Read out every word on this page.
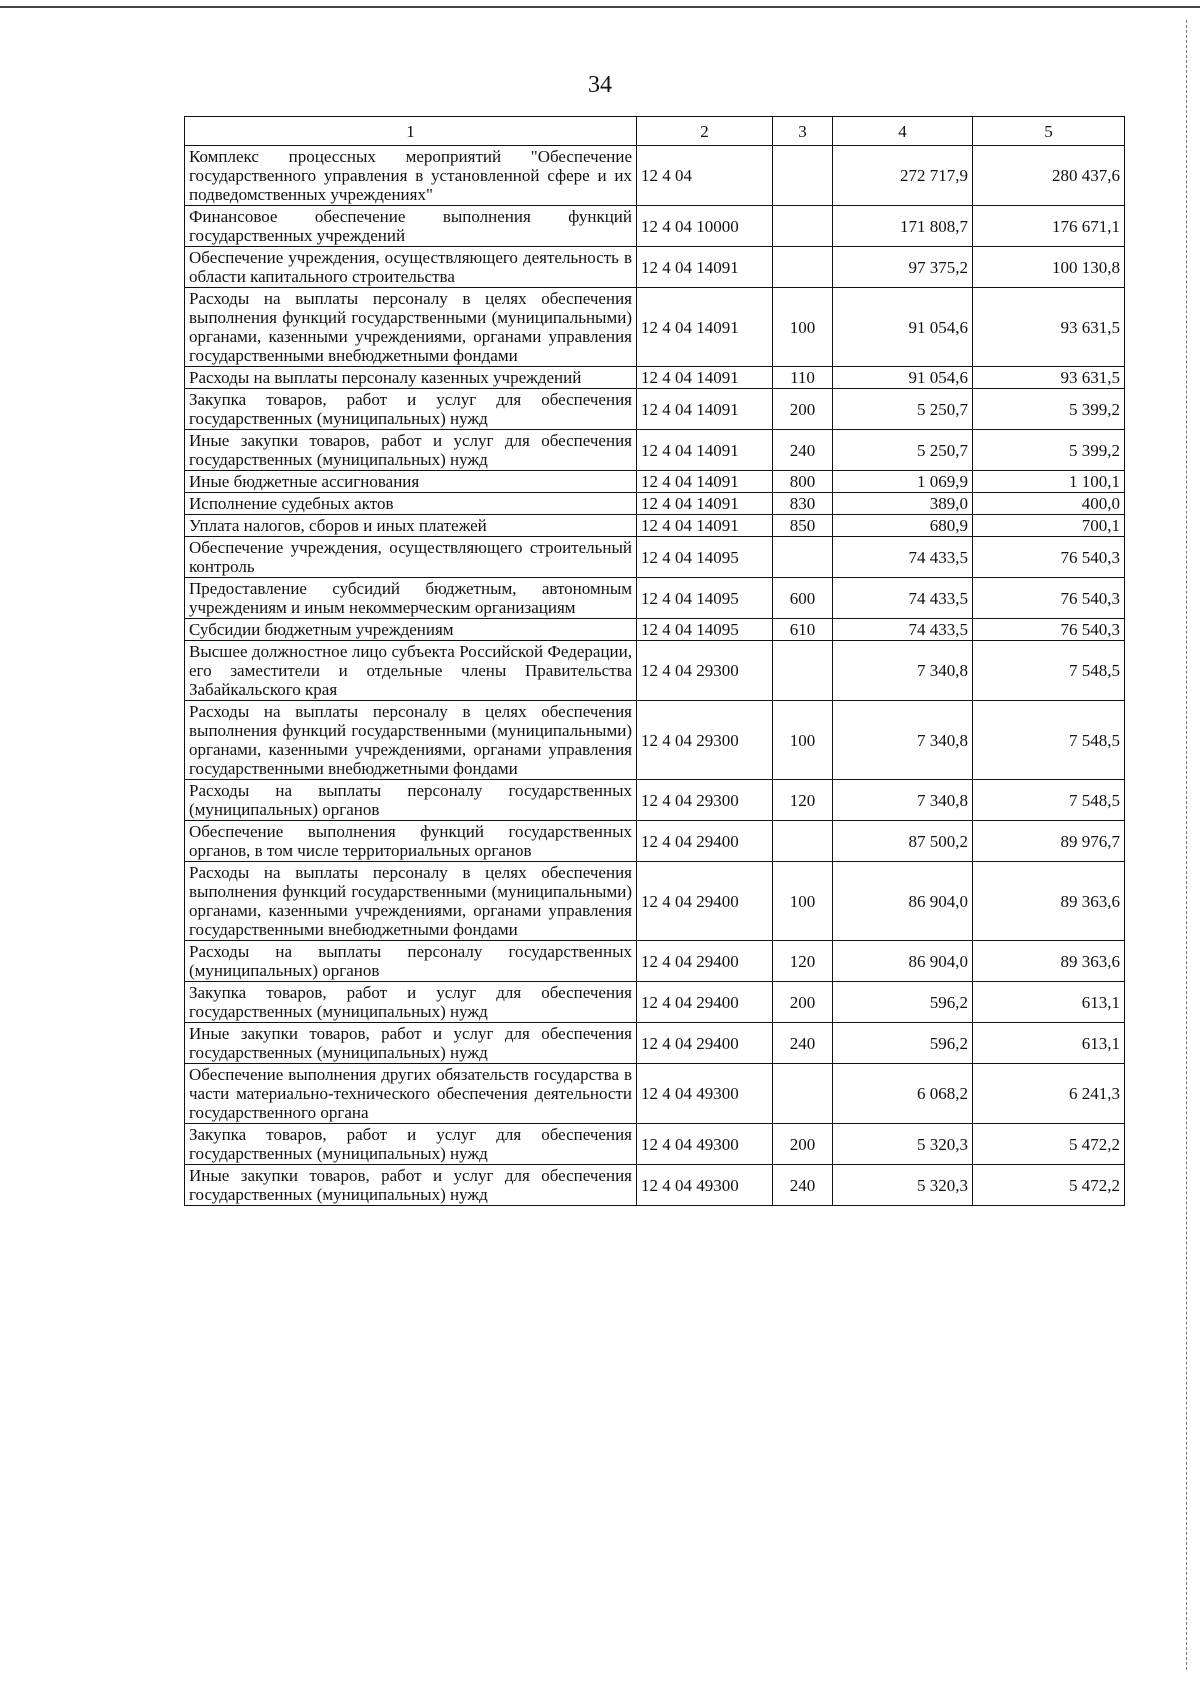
34
1	2	3	4	5
Комплекс процессных мероприятий "Обеспечение государственного управления в установленной сфере и их подведомственных учреждениях"	12 4 04		272 717,9	280 437,6
Финансовое обеспечение выполнения функций государственных учреждений	12 4 04 10000		171 808,7	176 671,1
Обеспечение учреждения, осуществляющего деятельность в области капитального строительства	12 4 04 14091		97 375,2	100 130,8
Расходы на выплаты персоналу в целях обеспечения выполнения функций государственными (муниципальными) органами, казенными учреждениями, органами управления государственными внебюджетными фондами	12 4 04 14091	100	91 054,6	93 631,5
Расходы на выплаты персоналу казенных учреждений	12 4 04 14091	110	91 054,6	93 631,5
Закупка товаров, работ и услуг для обеспечения государственных (муниципальных) нужд	12 4 04 14091	200	5 250,7	5 399,2
Иные закупки товаров, работ и услуг для обеспечения государственных (муниципальных) нужд	12 4 04 14091	240	5 250,7	5 399,2
Иные бюджетные ассигнования	12 4 04 14091	800	1 069,9	1 100,1
Исполнение судебных актов	12 4 04 14091	830	389,0	400,0
Уплата налогов, сборов и иных платежей	12 4 04 14091	850	680,9	700,1
Обеспечение учреждения, осуществляющего строительный контроль	12 4 04 14095		74 433,5	76 540,3
Предоставление субсидий бюджетным, автономным учреждениям и иным некоммерческим организациям	12 4 04 14095	600	74 433,5	76 540,3
Субсидии бюджетным учреждениям	12 4 04 14095	610	74 433,5	76 540,3
Высшее должностное лицо субъекта Российской Федерации, его заместители и отдельные члены Правительства Забайкальского края	12 4 04 29300		7 340,8	7 548,5
Расходы на выплаты персоналу в целях обеспечения выполнения функций государственными (муниципальными) органами, казенными учреждениями, органами управления государственными внебюджетными фондами	12 4 04 29300	100	7 340,8	7 548,5
Расходы на выплаты персоналу государственных (муниципальных) органов	12 4 04 29300	120	7 340,8	7 548,5
Обеспечение выполнения функций государственных органов, в том числе территориальных органов	12 4 04 29400		87 500,2	89 976,7
Расходы на выплаты персоналу в целях обеспечения выполнения функций государственными (муниципальными) органами, казенными учреждениями, органами управления государственными внебюджетными фондами	12 4 04 29400	100	86 904,0	89 363,6
Расходы на выплаты персоналу государственных (муниципальных) органов	12 4 04 29400	120	86 904,0	89 363,6
Закупка товаров, работ и услуг для обеспечения государственных (муниципальных) нужд	12 4 04 29400	200	596,2	613,1
Иные закупки товаров, работ и услуг для обеспечения государственных (муниципальных) нужд	12 4 04 29400	240	596,2	613,1
Обеспечение выполнения других обязательств государства в части материально-технического обеспечения деятельности государственного органа	12 4 04 49300		6 068,2	6 241,3
Закупка товаров, работ и услуг для обеспечения государственных (муниципальных) нужд	12 4 04 49300	200	5 320,3	5 472,2
Иные закупки товаров, работ и услуг для обеспечения государственных (муниципальных) нужд	12 4 04 49300	240	5 320,3	5 472,2
